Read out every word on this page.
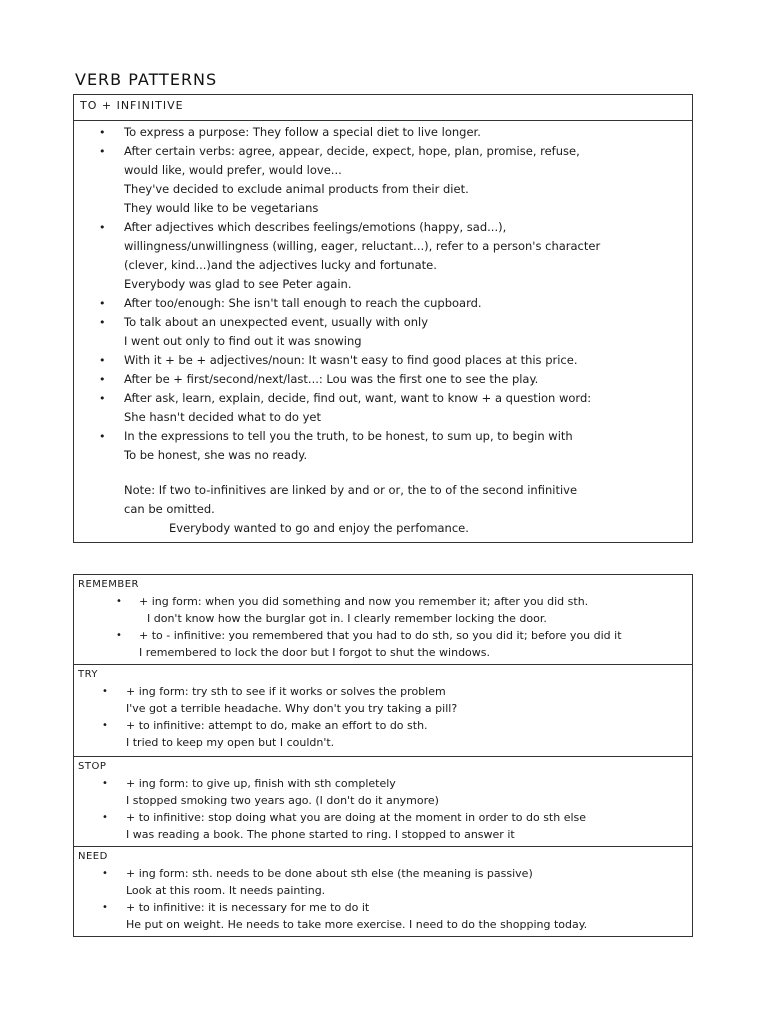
VERB PATTERNS
TO + INFINITIVE
• To express a purpose: They follow a special diet to live longer.
• After certain verbs: agree, appear, decide, expect, hope, plan, promise, refuse,
would like, would prefer, would love...
They've decided to exclude animal products from their diet.
They would like to be vegetarians
• After adjectives which describes feelings/emotions (happy, sad...),
willingness/unwillingness (willing, eager, reluctant...), refer to a person's character
(clever, kind...)and the adjectives lucky and fortunate.
Everybody was glad to see Peter again.
• After too/enough: She isn't tall enough to reach the cupboard.
• To talk about an unexpected event, usually with only
I went out only to find out it was snowing
• With it + be + adjectives/noun: It wasn't easy to find good places at this price.
• After be + first/second/next/last...: Lou was the first one to see the play.
• After ask, learn, explain, decide, find out, want, want to know + a question word:
She hasn't decided what to do yet
• In the expressions to tell you the truth, to be honest, to sum up, to begin with
To be honest, she was no ready.
Note: If two to-infinitives are linked by and or or, the to of the second infinitive
can be omitted.
Everybody wanted to go and enjoy the perfomance.
REMEMBER
• + ing form: when you did something and now you remember it; after you did sth.
I don't know how the burglar got in. I clearly remember locking the door.
• + to - infinitive: you remembered that you had to do sth, so you did it; before you did it
I remembered to lock the door but I forgot to shut the windows.
TRY
• + ing form: try sth to see if it works or solves the problem
I've got a terrible headache. Why don't you try taking a pill?
• + to infinitive: attempt to do, make an effort to do sth.
I tried to keep my open but I couldn't.
STOP
• + ing form: to give up, finish with sth completely
I stopped smoking two years ago. (I don't do it anymore)
• + to infinitive: stop doing what you are doing at the moment in order to do sth else
I was reading a book. The phone started to ring. I stopped to answer it
NEED
• + ing form: sth. needs to be done about sth else (the meaning is passive)
Look at this room. It needs painting.
• + to infinitive: it is necessary for me to do it
He put on weight. He needs to take more exercise. I need to do the shopping today.
